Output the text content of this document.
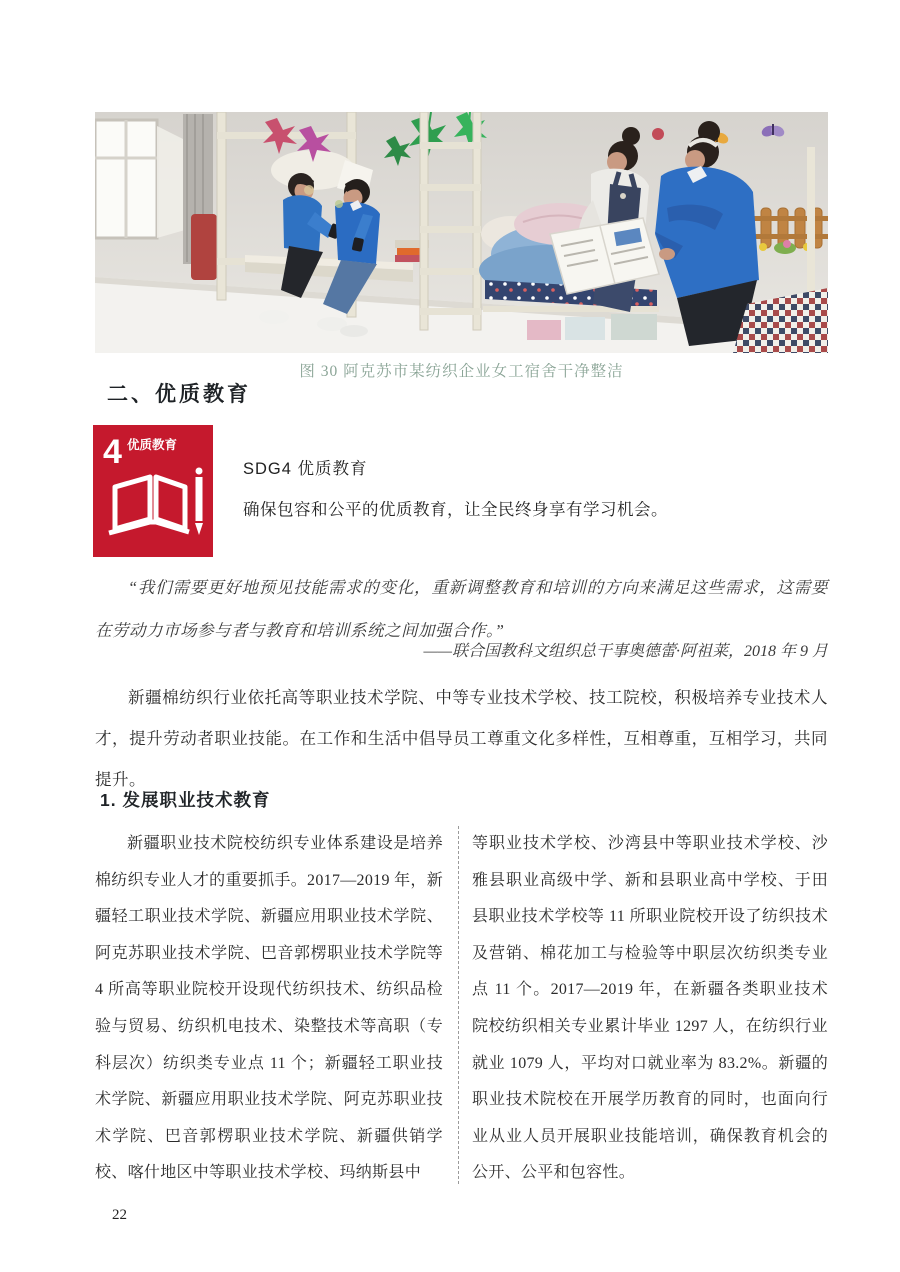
图 30 阿克苏市某纺织企业女工宿舍干净整洁
二、优质教育
4 优质教育
SDG4 优质教育
确保包容和公平的优质教育，让全民终身享有学习机会。
“我们需要更好地预见技能需求的变化，重新调整教育和培训的方向来满足这些需求，这需要在劳动力市场参与者与教育和培训系统之间加强合作。”
——联合国教科文组织总干事奥德蕾·阿祖莱，2018 年 9 月
新疆棉纺织行业依托高等职业技术学院、中等专业技术学校、技工院校，积极培养专业技术人才，提升劳动者职业技能。在工作和生活中倡导员工尊重文化多样性，互相尊重，互相学习，共同提升。
1. 发展职业技术教育
新疆职业技术院校纺织专业体系建设是培养棉纺织专业人才的重要抓手。2017—2019 年，新疆轻工职业技术学院、新疆应用职业技术学院、阿克苏职业技术学院、巴音郭楞职业技术学院等 4 所高等职业院校开设现代纺织技术、纺织品检验与贸易、纺织机电技术、染整技术等高职（专科层次）纺织类专业点 11 个；新疆轻工职业技术学院、新疆应用职业技术学院、阿克苏职业技术学院、巴音郭楞职业技术学院、新疆供销学校、喀什地区中等职业技术学校、玛纳斯县中
等职业技术学校、沙湾县中等职业技术学校、沙雅县职业高级中学、新和县职业高中学校、于田县职业技术学校等 11 所职业院校开设了纺织技术及营销、棉花加工与检验等中职层次纺织类专业点 11 个。2017—2019 年，在新疆各类职业技术院校纺织相关专业累计毕业 1297 人，在纺织行业就业 1079 人，平均对口就业率为 83.2%。新疆的职业技术院校在开展学历教育的同时，也面向行业从业人员开展职业技能培训，确保教育机会的公开、公平和包容性。
22
